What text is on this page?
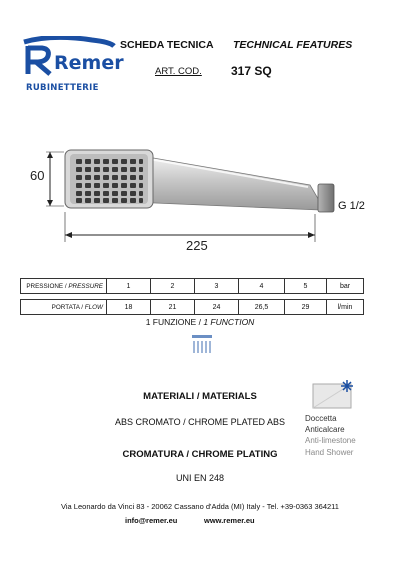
Remer
RUBINETTERIE
SCHEDA TECNICA TECHNICAL FEATURES
ART. COD. 317 SQ
60
225
G 1/2
PRESSIONE / PRESSURE	1	2	3	4	5	bar

PORTATA / FLOW	18	21	24	26,5	29	l/min
1 FUNZIONE / 1 FUNCTION
MATERIALI / MATERIALS
ABS CROMATO / CHROME PLATED ABS
CROMATURA / CHROME PLATING
UNI EN 248
Doccetta
Anticalcare
Anti-limestone
Hand Shower
Via Leonardo da Vinci 83 - 20062 Cassano d'Adda (MI) Italy - Tel. +39-0363 364211
info@remer.eu	www.remer.eu
